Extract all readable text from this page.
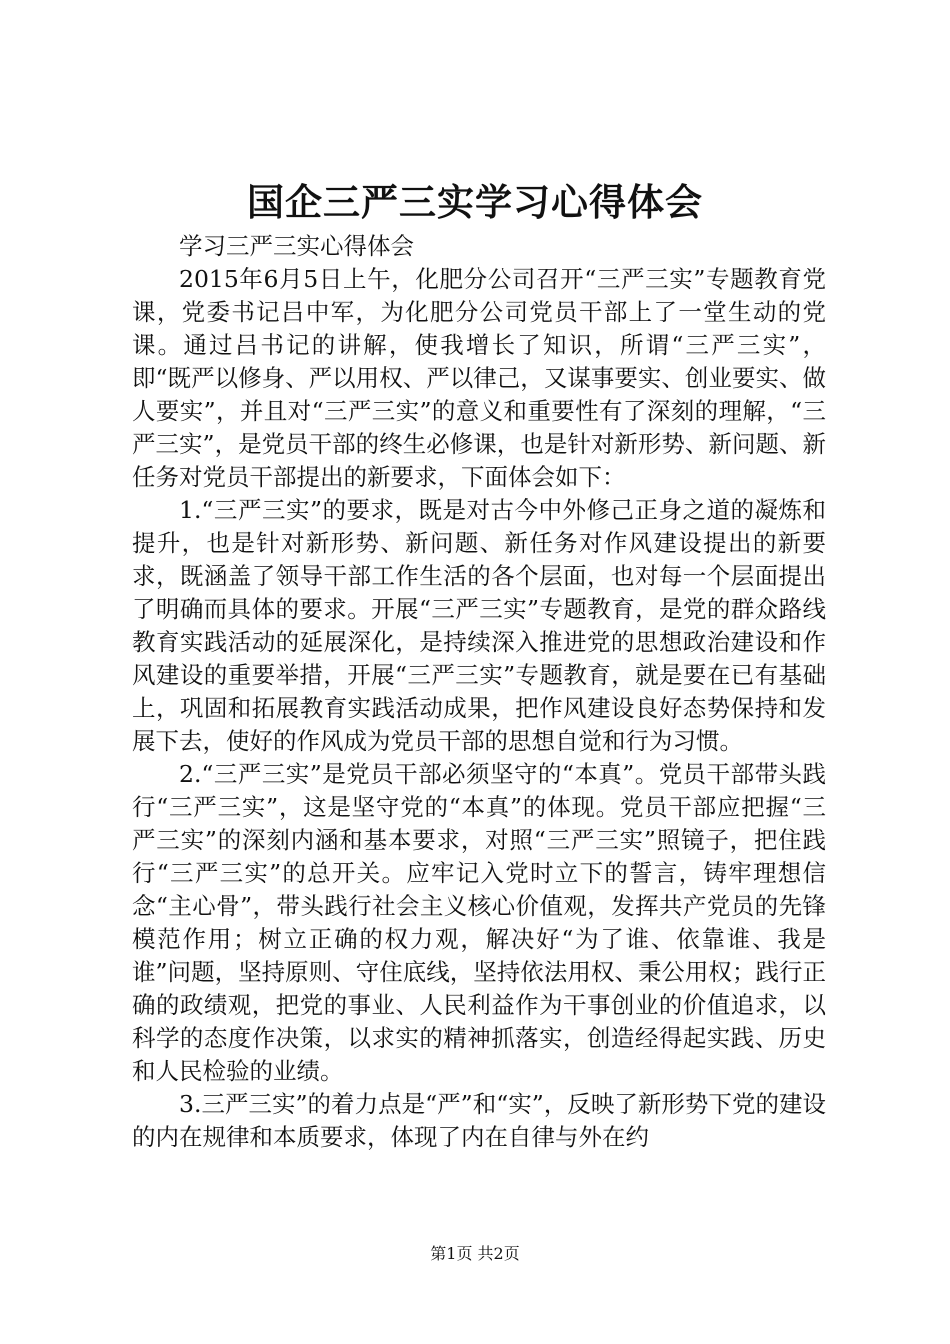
国企三严三实学习心得体会

学习三严三实心得体会

2015年6月5日上午，化肥分公司召开“三严三实”专题教育党课，党委书记吕中军，为化肥分公司党员干部上了一堂生动的党课。通过吕书记的讲解，使我增长了知识，所谓“三严三实”，即“既严以修身、严以用权、严以律己，又谋事要实、创业要实、做人要实”，并且对“三严三实”的意义和重要性有了深刻的理解，“三严三实”，是党员干部的终生必修课，也是针对新形势、新问题、新任务对党员干部提出的新要求，下面体会如下：

1.“三严三实”的要求，既是对古今中外修己正身之道的凝炼和提升，也是针对新形势、新问题、新任务对作风建设提出的新要求，既涵盖了领导干部工作生活的各个层面，也对每一个层面提出了明确而具体的要求。开展“三严三实”专题教育，是党的群众路线教育实践活动的延展深化，是持续深入推进党的思想政治建设和作风建设的重要举措，开展“三严三实”专题教育，就是要在已有基础上，巩固和拓展教育实践活动成果，把作风建设良好态势保持和发展下去，使好的作风成为党员干部的思想自觉和行为习惯。

2.“三严三实”是党员干部必须坚守的“本真”。党员干部带头践行“三严三实”，这是坚守党的“本真”的体现。党员干部应把握“三严三实”的深刻内涵和基本要求，对照“三严三实”照镜子，把住践行“三严三实”的总开关。应牢记入党时立下的誓言，铸牢理想信念“主心骨”，带头践行社会主义核心价值观，发挥共产党员的先锋模范作用；树立正确的权力观，解决好“为了谁、依靠谁、我是谁”问题，坚持原则、守住底线，坚持依法用权、秉公用权；践行正确的政绩观，把党的事业、人民利益作为干事创业的价值追求，以科学的态度作决策，以求实的精神抓落实，创造经得起实践、历史和人民检验的业绩。

3.三严三实”的着力点是“严”和“实”，反映了新形势下党的建设的内在规律和本质要求，体现了内在自律与外在约

第1页 共2页
